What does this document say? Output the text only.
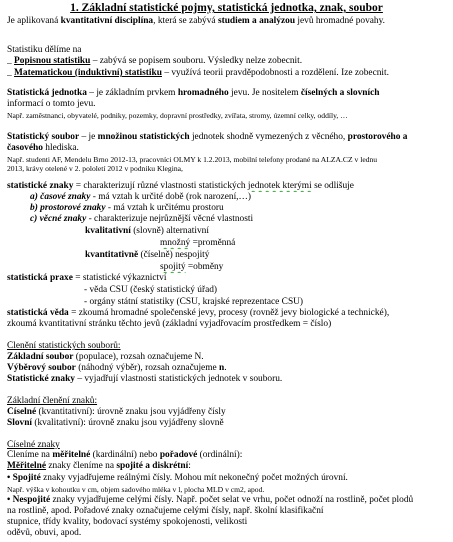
1. Základní statistické pojmy, statistická jednotka, znak, soubor
Je aplikovaná kvantitativní disciplína, která se zabývá studiem a analýzou jevů hromadné povahy.
Statistiku dělíme na
_ Popisnou statistiku – zabývá se popisem souboru. Výsledky nelze zobecnit.
_ Matematickou (induktivní) statistiku – využívá teorii pravděpodobnosti a rozdělení. Ize zobecnit.
Statistická jednotka – je základním prvkem hromadného jevu. Je nositelem číselných a slovních
informací o tomto jevu.
Např. zaměstnanci, obyvatelé, podniky, pozemky, dopravní prostředky, zvířata, stromy, územní celky, oddíly, …
Statistický soubor – je množinou statistických jednotek shodně vymezených z věcného, prostorového a
časového hlediska.
Např. studenti AF, Mendelu Brno 2012-13, pracovníci OLMY k 1.2.2013, mobilní telefony prodané na ALZA.CZ v lednu
2013, krávy otelené v 2. pololetí 2012 v podniku Klegina,
statistické znaky = charakterizují různé vlastnosti statistických jednotek kterými se odlišuje
a) časové znaky - má vztah k určité době (rok narození,…)
b) prostorové znaky - má vztah k určitému prostoru
c) věcné znaky - charakterizuje nejrůznější věcné vlastnosti
kvalitativní (slovně) alternativní
množný =proměnná
kvantitativně (číselně) nespojitý
spojitý =obměny
statistická praxe = statistické výkaznictví
- věda ČSÚ (český statistický úřad)
- orgány státní statistiky (ČSÚ, krajské reprezentace ČSÚ)
statistická věda = zkoumá hromadné společenské jevy, procesy (rovněž jevy biologické a technické),
zkoumá kvantitativní stránku těchto jevů (základní vyjadřovacím prostředkem = číslo)
Členění statistických souborů:
Základní soubor (populace), rozsah označujeme N.
Výběrový soubor (náhodný výběr), rozsah označujeme n.
Statistické znaky – vyjadřují vlastnosti statistických jednotek v souboru.
Základní členění znaků:
Číselné (kvantitativní): úrovně znaku jsou vyjádřeny čísly
Slovní (kvalitativní): úrovně znaku jsou vyjádřeny slovně
Číselné znaky
Členíme na měřitelné (kardinální) nebo pořadové (ordinální):
Měřitelné znaky členíme na spojité a diskrétní:
• Spojité znaky vyjadřujeme reálnými čísly. Mohou mít nekonečný počet možných úrovní.
Např. výška v kohoutku v cm, objem sadového mléka v l, plocha MLD v cm2, apod.
• Nespojité znaky vyjadřujeme celými čísly. Např. počet selat ve vrhu, počet odnoží na rostlině, počet plodů
na rostlině, apod. Pořadové znaky označujeme celými čísly, např. školní klasifikační
stupnice, třídy kvality, bodovací systémy spokojenosti, velikosti
oděvů, obuvi, apod.
